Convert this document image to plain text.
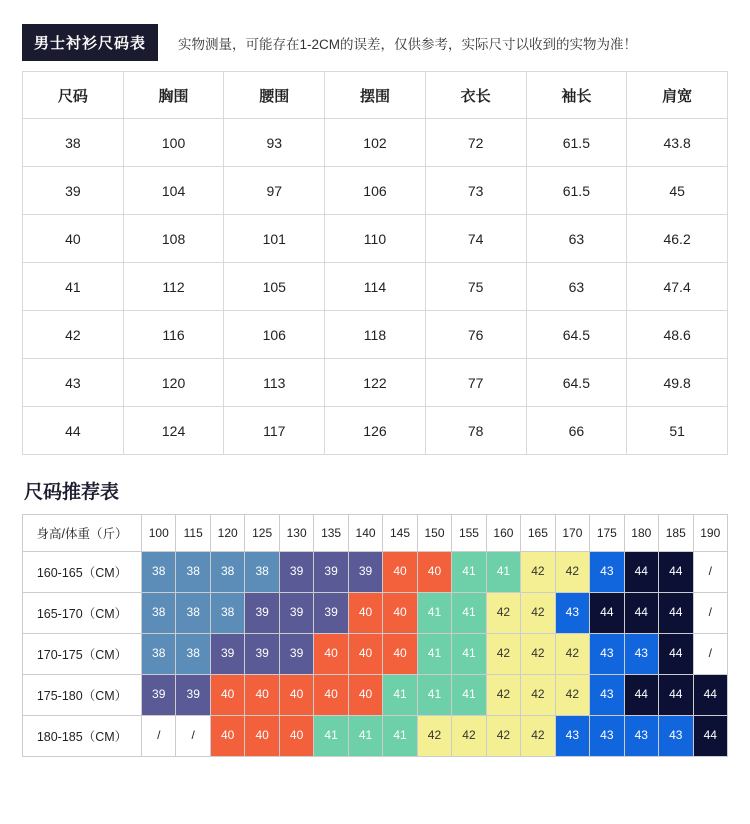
男士衬衫尺码表	实物测量，可能存在1-2CM的误差，仅供参考，实际尺寸以收到的实物为准！
尺码	胸围	腰围	摆围	衣长	袖长	肩宽
38	100	93	102	72	61.5	43.8
39	104	97	106	73	61.5	45
40	108	101	110	74	63	46.2
41	112	105	114	75	63	47.4
42	116	106	118	76	64.5	48.6
43	120	113	122	77	64.5	49.8
44	124	117	126	78	66	51
尺码推荐表
身高/体重（斤）	100	115	120	125	130	135	140	145	150	155	160	165	170	175	180	185	190
160-165（CM）	38	38	38	38	39	39	39	40	40	41	41	42	42	43	44	44	/

165-170（CM）	38	38	38	39	39	39	40	40	41	41	42	42	43	44	44	44	/

170-175（CM）	38	38	39	39	39	40	40	40	41	41	42	42	42	43	43	44	/

175-180（CM）	39	39	40	40	40	40	40	41	41	41	42	42	42	43	44	44	44

180-185（CM）	/	/	40	40	40	41	41	41	42	42	42	42	43	43	43	43	44
